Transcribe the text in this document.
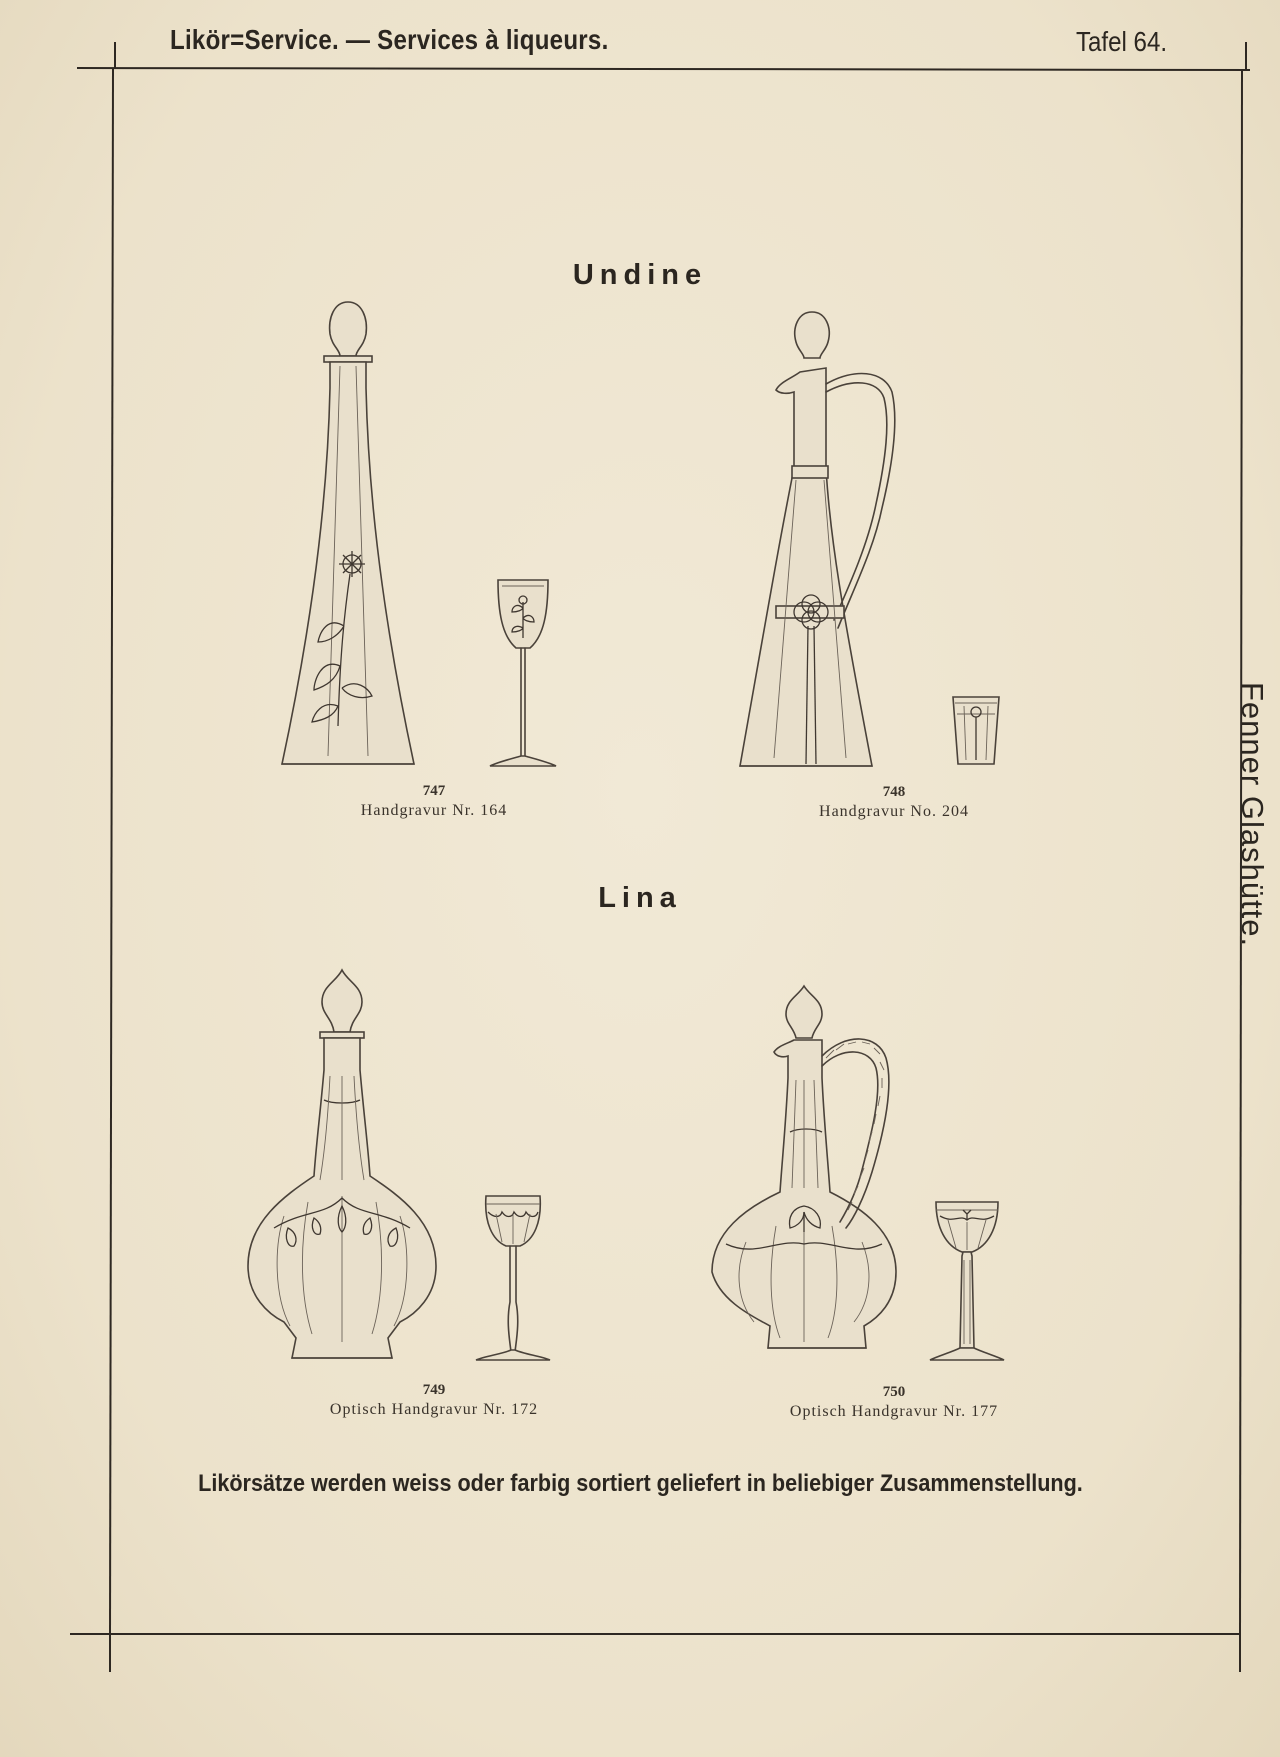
Likör=Service. — Services à liqueurs.	Tafel 64.
Fenner Glashütte.
Undine
Lina
747
Handgravur Nr. 164
748
Handgravur No. 204
749
Optisch Handgravur Nr. 172
750
Optisch Handgravur Nr. 177
Likörsätze werden weiss oder farbig sortiert geliefert in beliebiger Zusammenstellung.
